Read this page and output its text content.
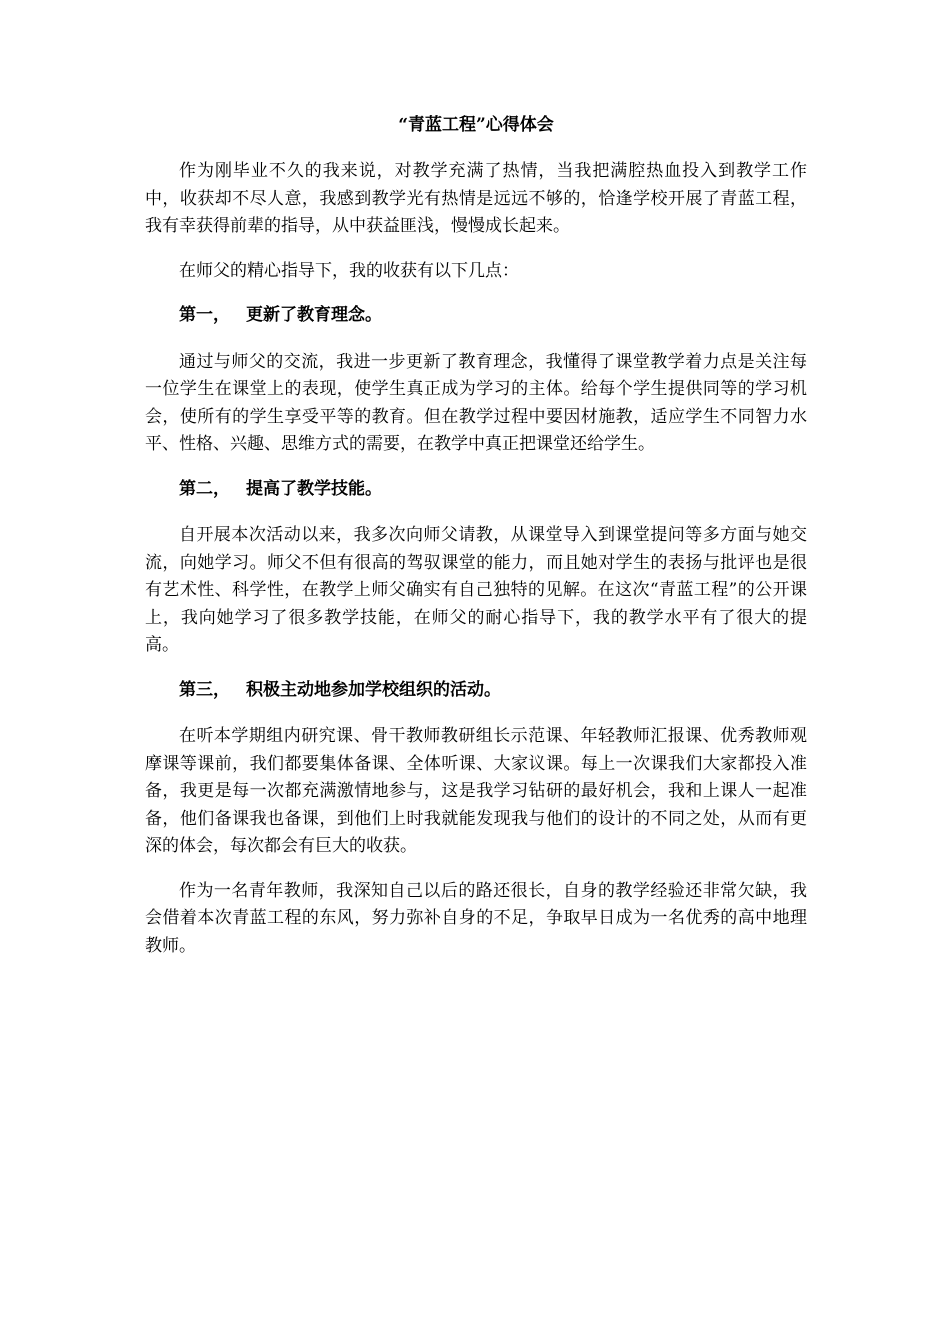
“青蓝工程”心得体会

作为刚毕业不久的我来说，对教学充满了热情，当我把满腔热血投入到教学工作中，收获却不尽人意，我感到教学光有热情是远远不够的，恰逢学校开展了青蓝工程，我有幸获得前辈的指导，从中获益匪浅，慢慢成长起来。

在师父的精心指导下，我的收获有以下几点：

第一， 更新了教育理念。

通过与师父的交流，我进一步更新了教育理念，我懂得了课堂教学着力点是关注每一位学生在课堂上的表现，使学生真正成为学习的主体。给每个学生提供同等的学习机会，使所有的学生享受平等的教育。但在教学过程中要因材施教，适应学生不同智力水平、性格、兴趣、思维方式的需要，在教学中真正把课堂还给学生。

第二， 提高了教学技能。

自开展本次活动以来，我多次向师父请教，从课堂导入到课堂提问等多方面与她交流，向她学习。师父不但有很高的驾驭课堂的能力，而且她对学生的表扬与批评也是很有艺术性、科学性，在教学上师父确实有自己独特的见解。在这次“青蓝工程”的公开课上，我向她学习了很多教学技能，在师父的耐心指导下，我的教学水平有了很大的提高。

第三， 积极主动地参加学校组织的活动。

在听本学期组内研究课、骨干教师教研组长示范课、年轻教师汇报课、优秀教师观摩课等课前，我们都要集体备课、全体听课、大家议课。每上一次课我们大家都投入准备，我更是每一次都充满激情地参与，这是我学习钻研的最好机会，我和上课人一起准备，他们备课我也备课，到他们上时我就能发现我与他们的设计的不同之处，从而有更深的体会，每次都会有巨大的收获。

作为一名青年教师，我深知自己以后的路还很长，自身的教学经验还非常欠缺，我会借着本次青蓝工程的东风，努力弥补自身的不足，争取早日成为一名优秀的高中地理教师。
